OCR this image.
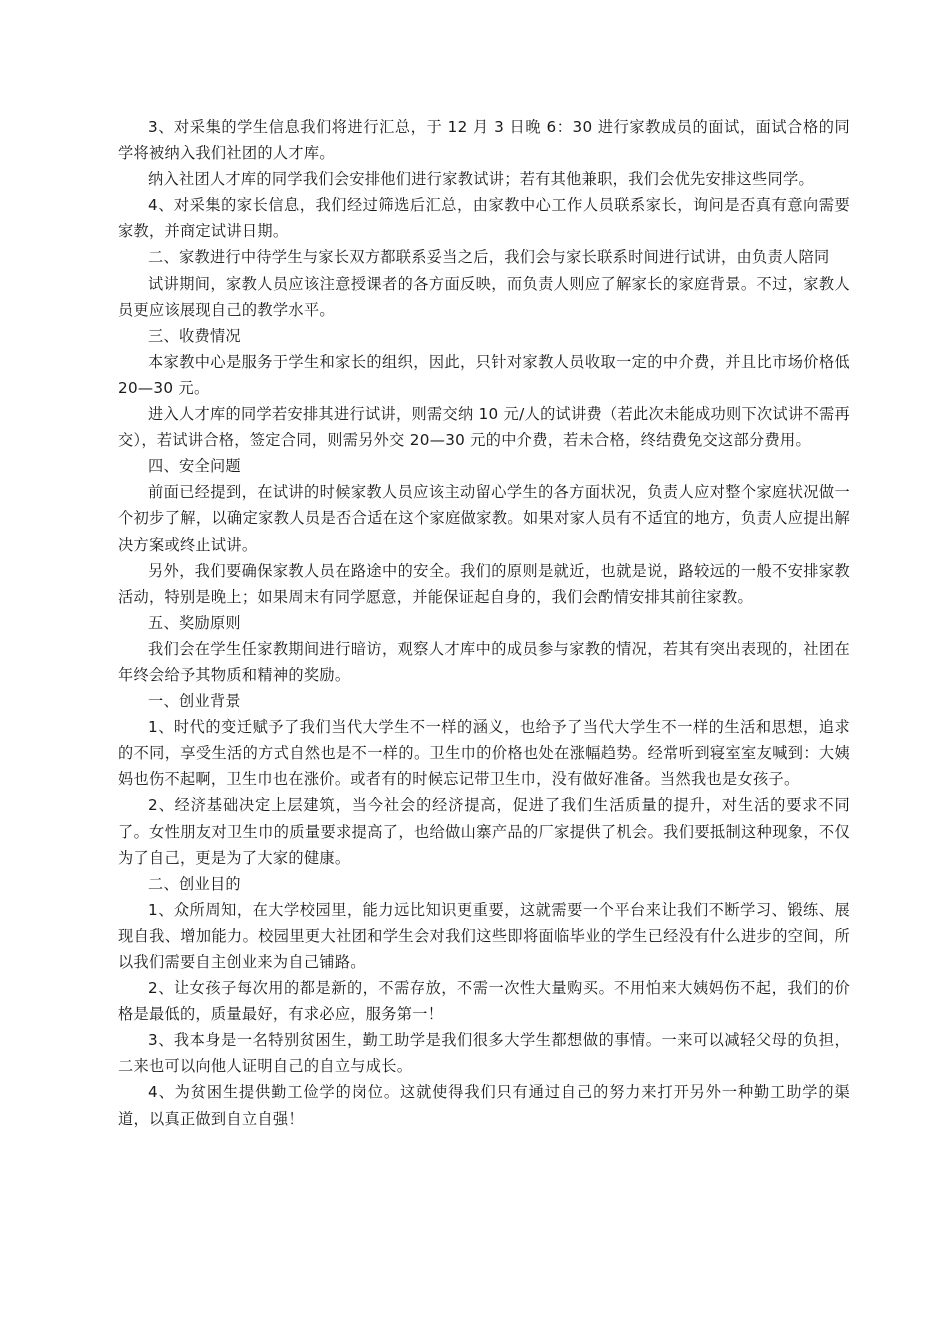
3、对采集的学生信息我们将进行汇总，于 12 月 3 日晚 6：30 进行家教成员的面试，面试合格的同学将被纳入我们社团的人才库。

纳入社团人才库的同学我们会安排他们进行家教试讲；若有其他兼职，我们会优先安排这些同学。

4、对采集的家长信息，我们经过筛选后汇总，由家教中心工作人员联系家长，询问是否真有意向需要家教，并商定试讲日期。

二、家教进行中待学生与家长双方都联系妥当之后，我们会与家长联系时间进行试讲，由负责人陪同

试讲期间，家教人员应该注意授课者的各方面反映，而负责人则应了解家长的家庭背景。不过，家教人员更应该展现自己的教学水平。

三、收费情况

本家教中心是服务于学生和家长的组织，因此，只针对家教人员收取一定的中介费，并且比市场价格低 20—30 元。

进入人才库的同学若安排其进行试讲，则需交纳 10 元/人的试讲费（若此次未能成功则下次试讲不需再交），若试讲合格，签定合同，则需另外交 20—30 元的中介费，若未合格，终结费免交这部分费用。

四、安全问题

前面已经提到，在试讲的时候家教人员应该主动留心学生的各方面状况，负责人应对整个家庭状况做一个初步了解，以确定家教人员是否合适在这个家庭做家教。如果对家人员有不适宜的地方，负责人应提出解决方案或终止试讲。

另外，我们要确保家教人员在路途中的安全。我们的原则是就近，也就是说，路较远的一般不安排家教活动，特别是晚上；如果周末有同学愿意，并能保证起自身的，我们会酌情安排其前往家教。

五、奖励原则

我们会在学生任家教期间进行暗访，观察人才库中的成员参与家教的情况，若其有突出表现的，社团在年终会给予其物质和精神的奖励。

一、创业背景

1、时代的变迁赋予了我们当代大学生不一样的涵义，也给予了当代大学生不一样的生活和思想，追求的不同，享受生活的方式自然也是不一样的。卫生巾的价格也处在涨幅趋势。经常听到寝室室友喊到：大姨妈也伤不起啊，卫生巾也在涨价。或者有的时候忘记带卫生巾，没有做好准备。当然我也是女孩子。

2、经济基础决定上层建筑，当今社会的经济提高，促进了我们生活质量的提升，对生活的要求不同了。女性朋友对卫生巾的质量要求提高了，也给做山寨产品的厂家提供了机会。我们要抵制这种现象，不仅为了自己，更是为了大家的健康。

二、创业目的

1、众所周知，在大学校园里，能力远比知识更重要，这就需要一个平台来让我们不断学习、锻练、展现自我、增加能力。校园里更大社团和学生会对我们这些即将面临毕业的学生已经没有什么进步的空间，所以我们需要自主创业来为自己铺路。

2、让女孩子每次用的都是新的，不需存放，不需一次性大量购买。不用怕来大姨妈伤不起，我们的价格是最低的，质量最好，有求必应，服务第一！

3、我本身是一名特别贫困生，勤工助学是我们很多大学生都想做的事情。一来可以减轻父母的负担，二来也可以向他人证明自己的自立与成长。

4、为贫困生提供勤工俭学的岗位。这就使得我们只有通过自己的努力来打开另外一种勤工助学的渠道，以真正做到自立自强！
